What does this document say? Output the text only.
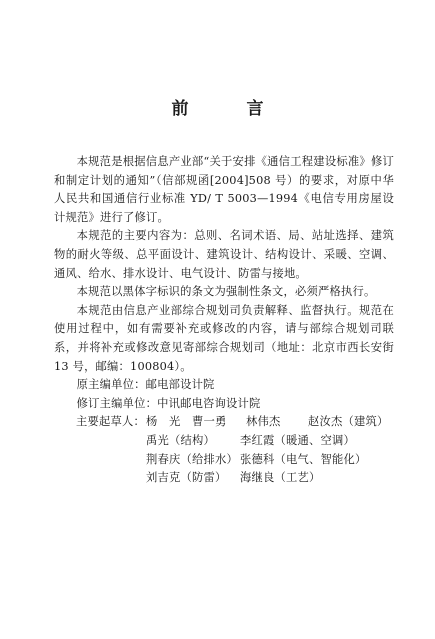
前 言

本规范是根据信息产业部“关于安排《通信工程建设标准》修订和制定计划的通知”（信部规函[2004]508 号）的要求，对原中华人民共和国通信行业标准 YD/ T 5003—1994《电信专用房屋设计规范》进行了修订。

本规范的主要内容为：总则、名词术语、局、站址选择、建筑物的耐火等级、总平面设计、建筑设计、结构设计、采暖、空调、通风、给水、排水设计、电气设计、防雷与接地。

本规范以黑体字标识的条文为强制性条文，必须严格执行。

本规范由信息产业部综合规划司负责解释、监督执行。规范在使用过程中，如有需要补充或修改的内容，请与部综合规划司联系，并将补充或修改意见寄部综合规划司（地址：北京市西长安街 13 号，邮编：100804）。

原主编单位：邮电部设计院

修订主编单位：中讯邮电咨询设计院

主要起草人： 杨　光　曹一勇	林伟杰	赵汝杰（建筑）

禹光（结构）	李红霞（暖通、空调）

荆春庆（给排水） 张德科（电气、智能化）

刘吉克（防雷）	海继良（工艺）
